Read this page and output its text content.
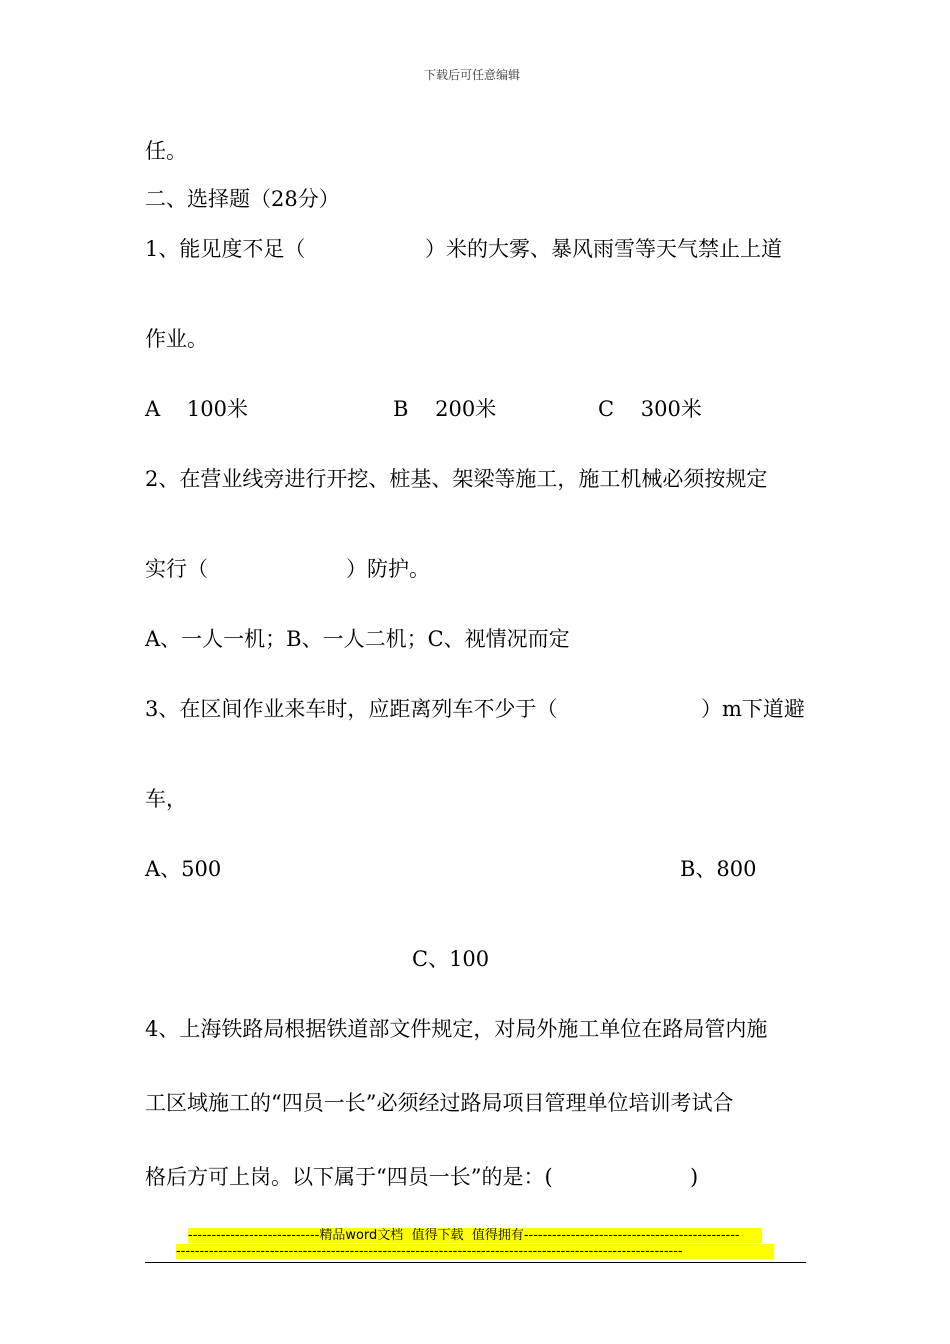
下载后可任意编辑
任。
二、选择题（28分）
1、能见度不足（	）米的大雾、暴风雨雪等天气禁止上道
作业。
A    100米	B    200米	C    300米
2、在营业线旁进行开挖、桩基、架梁等施工，施工机械必须按规定
实行（	）防护。
A、一人一机；B、一人二机；C、视情况而定
3、在区间作业来车时，应距离列车不少于（	）m下道避
车，
A、500	B、800
C、100
4、上海铁路局根据铁道部文件规定，对局外施工单位在路局管内施
工区域施工的“四员一长”必须经过路局项目管理单位培训考试合
格后方可上岗。以下属于“四员一长”的是：(	)
----------------------------精品word文档  值得下载  值得拥有----------------------------------------------
------------------------------------------------------------------------------------------------------------
